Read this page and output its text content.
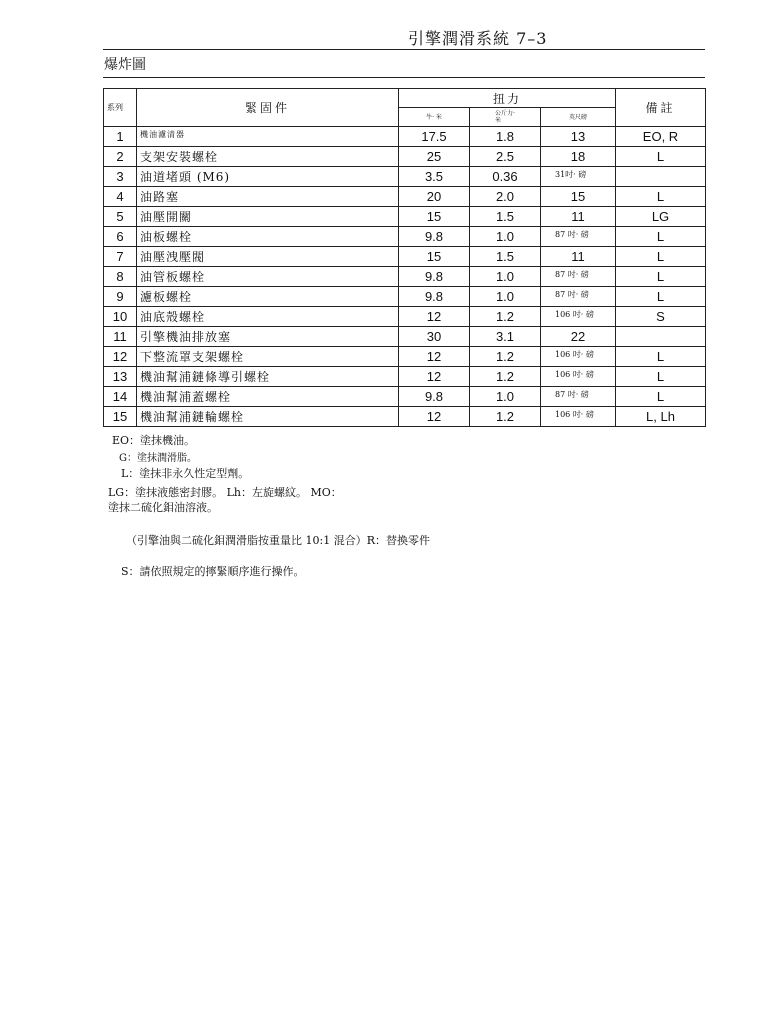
引擎潤滑系統 7–3
爆炸圖
系列	緊固件	扭力			備註
		牛· 米	公斤力· 米	英尺磅	
1	機油濾清器	17.5	1.8	13	EO, R
2	支架安裝螺栓	25	2.5	18	L
3	油道堵頭 (M6)	3.5	0.36	31吋· 磅	
4	油路塞	20	2.0	15	L
5	油壓開關	15	1.5	11	LG
6	油板螺栓	9.8	1.0	87 吋· 磅	L
7	油壓洩壓閥	15	1.5	11	L
8	油管板螺栓	9.8	1.0	87 吋· 磅	L
9	濾板螺栓	9.8	1.0	87 吋· 磅	L
10	油底殼螺栓	12	1.2	106 吋· 磅	S
11	引擎機油排放塞	30	3.1	22	
12	下整流罩支架螺栓	12	1.2	106 吋· 磅	L
13	機油幫浦鏈條導引螺栓	12	1.2	106 吋· 磅	L
14	機油幫浦蓋螺栓	9.8	1.0	87 吋· 磅	L
15	機油幫浦鏈輪螺栓	12	1.2	106 吋· 磅	L, Lh
EO：塗抹機油。
G：塗抹潤滑脂。
L：塗抹非永久性定型劑。
LG：塗抹液態密封膠。 Lh：左旋螺紋。 MO：
塗抹二硫化鉬油溶液。
（引擎油與二硫化鉬潤滑脂按重量比 10:1 混合）R：替換零件
S：請依照規定的擰緊順序進行操作。
